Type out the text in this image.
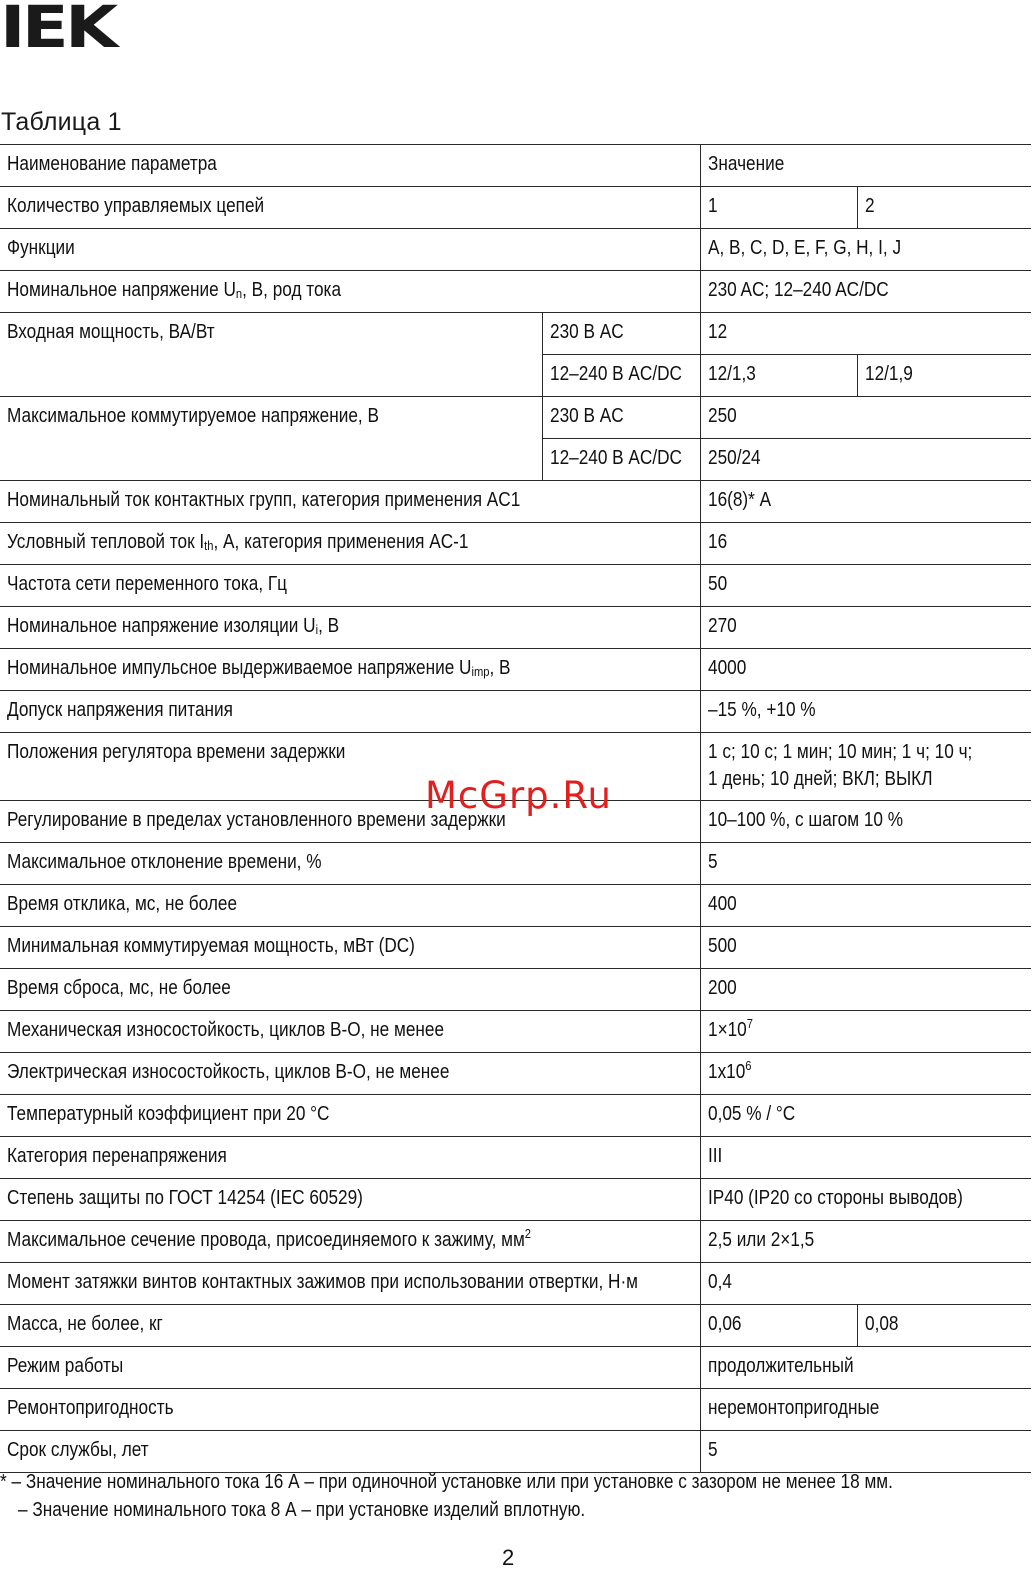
IEK
Таблица 1
Наименование параметра		Значение	
Количество управляемых цепей		1	2
Функции		A, B, C, D, E, F, G, H, I, J	
Номинальное напряжение $U_n$, В, род тока		230 AC; 12–240 AC/DC	
Входная мощность, ВА/Вт	230 В AC	12	
	12–240 В AC/DC	12/1,3	12/1,9
Максимальное коммутируемое напряжение, В	230 В AC	250	
	12–240 В AC/DC	250/24	
Номинальный ток контактных групп, категория применения AC1		16(8)* А	
Условный тепловой ток $I_{th}$, А, категория применения AC-1		16	
Частота сети переменного тока, Гц		50	
Номинальное напряжение изоляции $U_i$, В		270	
Номинальное импульсное выдерживаемое напряжение $U_{imp}$, В		4000	
Допуск напряжения питания		–15 %, +10 %	
Положения регулятора времени задержки		1 с; 10 с; 1 мин; 10 мин; 1 ч; 10 ч;
1 день; 10 дней; ВКЛ; ВЫКЛ	
Регулирование в пределах установленного времени задержки		10–100 %, с шагом 10 %	
Максимальное отклонение времени, %		5	
Время отклика, мс, не более		400	
Минимальная коммутируемая мощность, мВт (DC)		500	
Время сброса, мс, не более		200	
Механическая износостойкость, циклов В-О, не менее		$1\times 10^7$
Электрическая износостойкость, циклов В-О, не менее		$1x10^6$
Температурный коэффициент при 20 °С		0,05 % / °С	
Категория перенапряжения		III	
Степень защиты по ГОСТ 14254 (IEC 60529)		IP40 (IP20 со стороны выводов)	
Максимальное сечение провода, присоединяемого к зажиму, $мм^2$		2,5 или 2×1,5	
Момент затяжки винтов контактных зажимов при использовании отвертки, Н·м		0,4	
Масса, не более, кг		0,06	0,08
Режим работы		продолжительный	
Ремонтопригодность		неремонтопригодные	
Срок службы, лет		5	
McGrp.Ru
* – Значение номинального тока 16 А – при одиночной установке или при установке с зазором не менее 18 мм.
– Значение номинального тока 8 А – при установке изделий вплотную.
2
